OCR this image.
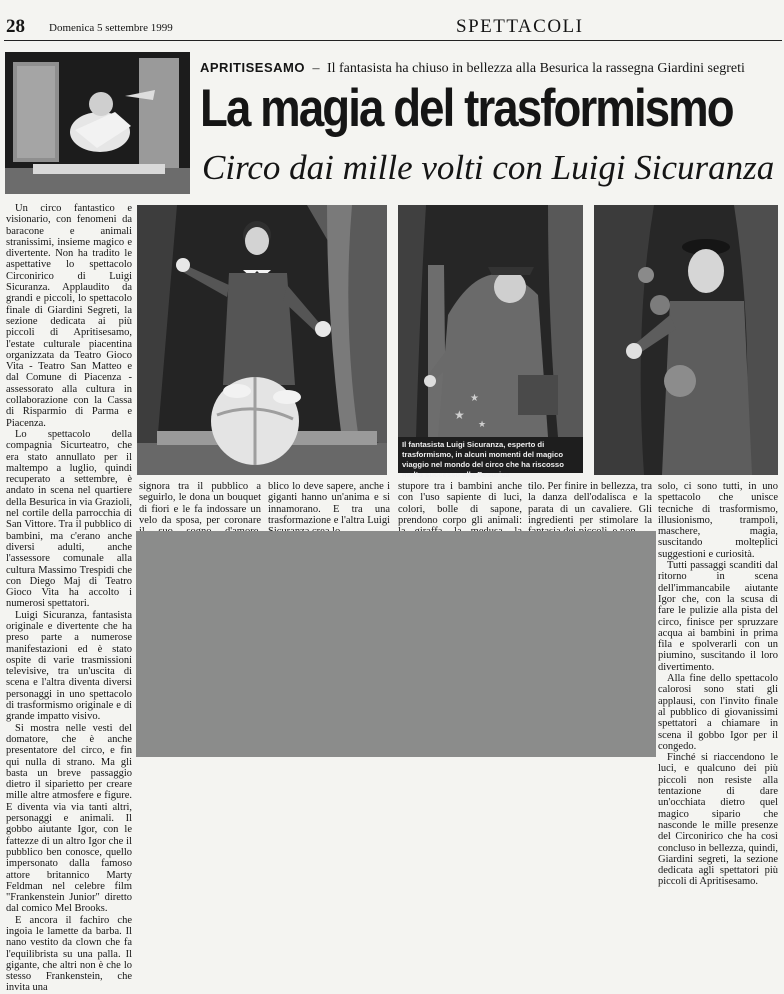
28 Domenica 5 settembre 1999	SPETTACOLI
★
★
★
Il fantasista Luigi Sicuranza, esperto di trasformismo, in alcuni momenti del magico viaggio nel mondo del circo che ha riscosso molto successo alla Besurica
APRITISESAMO – Il fantasista ha chiuso in bellezza alla Besurica la rassegna Giardini segreti
La magia del trasformismo
Circo dai mille volti con Luigi Sicuranza

Un circo fantastico e visionario, con fenomeni da baracone e animali stranissimi, insieme magico e divertente. Non ha tradito le aspettative lo spettacolo Circonirico di Luigi Sicuranza. Applaudito da grandi e piccoli, lo spettacolo finale di Giardini Segreti, la sezione dedicata ai più piccoli di Apritisesamo, l'estate culturale piacentina organizzata da Teatro Gioco Vita - Teatro San Matteo e dal Comune di Piacenza - assessorato alla cultura in collaborazione con la Cassa di Risparmio di Parma e Piacenza.

Lo spettacolo della compagnia Sicurteatro, che era stato annullato per il maltempo a luglio, quindi recuperato a settembre, è andato in scena nel quartiere della Besurica in via Grazioli, nel cortile della parrocchia di San Vittore. Tra il pubblico di bambini, ma c'erano anche diversi adulti, anche l'assessore comunale alla cultura Massimo Trespidi che con Diego Maj di Teatro Gioco Vita ha accolto i numerosi spettatori.

Luigi Sicuranza, fantasista originale e divertente che ha preso parte a numerose manifestazioni ed è stato ospite di varie trasmissioni televisive, tra un'uscita di scena e l'altra diventa diversi personaggi in uno spettacolo di trasformismo originale e di grande impatto visivo.

Si mostra nelle vesti del domatore, che è anche presentatore del circo, e fin qui nulla di strano. Ma gli basta un breve passaggio dietro il siparietto per creare mille altre atmosfere e figure. E diventa via via tanti altri, personaggi e animali. Il gobbo aiutante Igor, con le fattezze di un altro Igor che il pubblico ben conosce, quello impersonato dalla famoso attore britannico Marty Feldman nel celebre film "Frankenstein Junior" diretto dal comico Mel Brooks.

E ancora il fachiro che ingoia le lamette da barba. Il nano vestito da clown che fa l'equilibrista su una palla. Il gigante, che altri non è che lo stesso Frankenstein, che invita una

signora tra il pubblico a seguirlo, le dona un bouquet di fiori e le fa indossare un velo da sposa, per coronare

blico lo deve sapere, anche i giganti hanno un'anima e si innamorano. E tra una trasformazione e l'altra Luigi

stupore tra i bambini anche con l'uso sapiente di luci, colori, bolle di sapone, prendono corpo gli animali:

tilo. Per finire in bellezza, tra la danza dell'odalisca e la parata di un cavaliere. Gli ingredienti per stimolare la

solo, ci sono tutti, in uno spettacolo che unisce tecniche di trasformismo, illusionismo, trampoli, maschere, magia, suscitando molteplici suggestioni e curiosità.

Tutti passaggi scanditi dal ritorno in scena dell'immancabile aiutante Igor che, con la scusa di fare le pulizie alla pista del circo, finisce per spruzzare acqua ai bambini in prima fila e spolverarli con un piumino, suscitando il loro divertimento.

Alla fine dello spettacolo calorosi sono stati gli applausi, con l'invito finale al pubblico di giovanissimi spettatori a chiamare in scena il gobbo Igor per il congedo.

Finché si riaccendono le luci, e qualcuno dei più piccoli non resiste alla tentazione di dare un'occhiata dietro quel magico sipario che nasconde le mille presenze del Circonirico che ha così concluso in bellezza, quindi, Giardini segreti, la sezione dedicata agli spettatori più piccoli di Apritisesamo.
